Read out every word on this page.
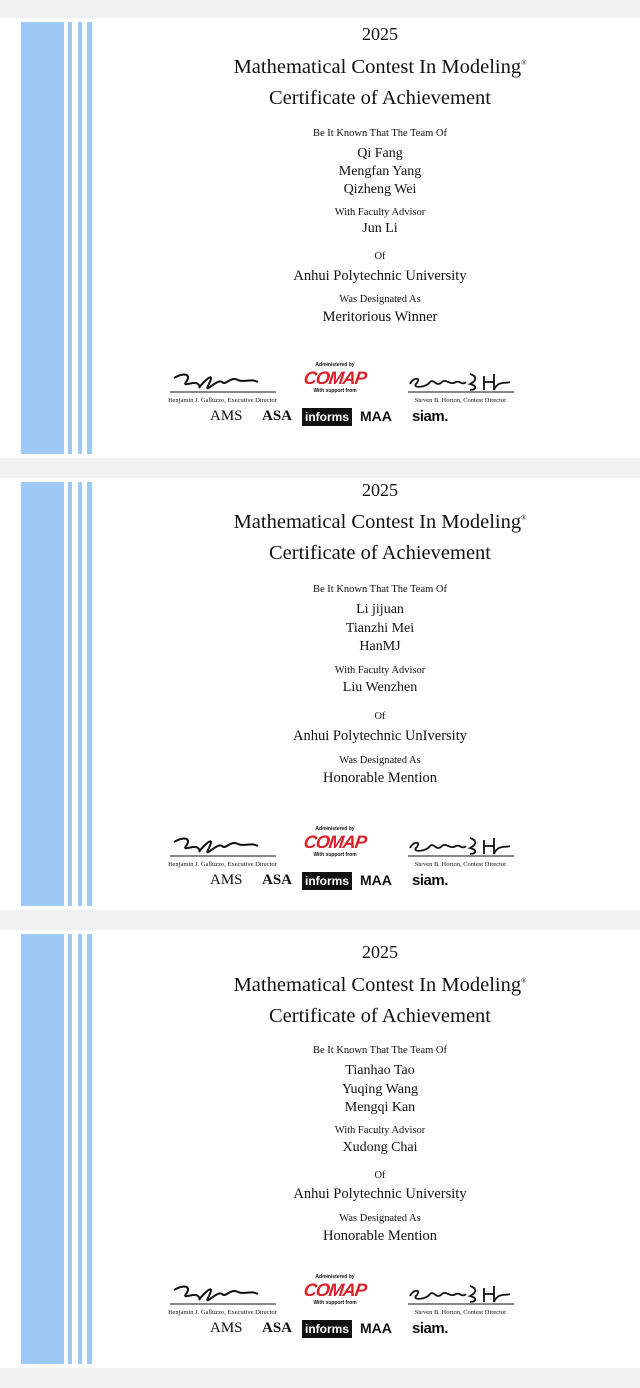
2025
Mathematical Contest In Modeling®
Certificate of Achievement
Be It Known That The Team Of
Qi Fang
Mengfan Yang
Qizheng Wei
With Faculty Advisor
Jun Li
Of
Anhui Polytechnic University
Was Designated As
Meritorious Winner
Benjamin J. Galluzzo, Executive Director
Administered by
COMAP
With support from
Steven B. Horton, Contest Director
AMS ASA informs MAA siam.
2025
Mathematical Contest In Modeling®
Certificate of Achievement
Be It Known That The Team Of
Li jijuan
Tianzhi Mei
HanMJ
With Faculty Advisor
Liu Wenzhen
Of
Anhui Polytechnic UnIversity
Was Designated As
Honorable Mention
Benjamin J. Galluzzo, Executive Director
Administered by
COMAP
With support from
Steven B. Horton, Contest Director
AMS ASA informs MAA siam.
2025
Mathematical Contest In Modeling®
Certificate of Achievement
Be It Known That The Team Of
Tianhao Tao
Yuqing Wang
Mengqi Kan
With Faculty Advisor
Xudong Chai
Of
Anhui Polytechnic University
Was Designated As
Honorable Mention
Benjamin J. Galluzzo, Executive Director
Administered by
COMAP
With support from
Steven B. Horton, Contest Director
AMS ASA informs MAA siam.
